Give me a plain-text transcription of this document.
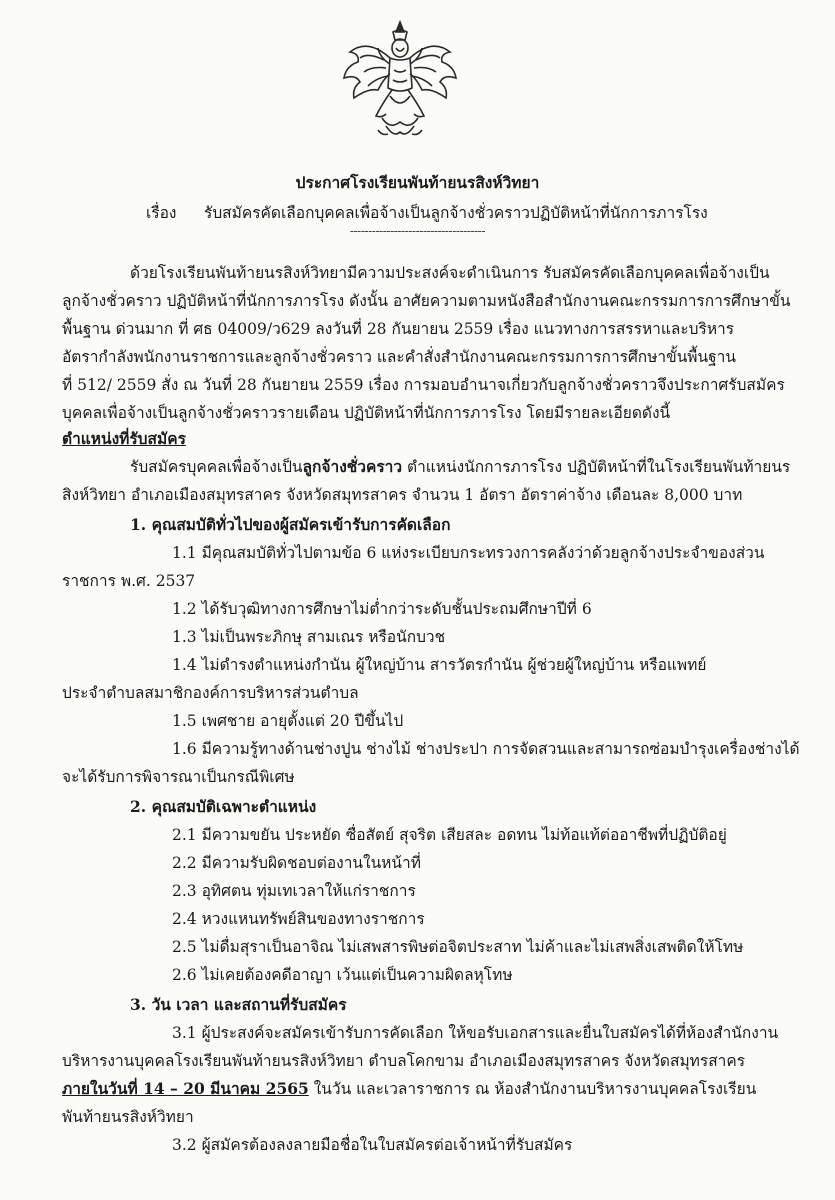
ประกาศโรงเรียนพันท้ายนรสิงห์วิทยา
เรื่อง รับสมัครคัดเลือกบุคคลเพื่อจ้างเป็นลูกจ้างชั่วคราวปฏิบัติหน้าที่นักการภารโรง
-------------------------------------
ด้วยโรงเรียนพันท้ายนรสิงห์วิทยามีความประสงค์จะดำเนินการ รับสมัครคัดเลือกบุคคลเพื่อจ้างเป็น
ลูกจ้างชั่วคราว ปฏิบัติหน้าที่นักการภารโรง ดังนั้น อาศัยความตามหนังสือสำนักงานคณะกรรมการการศึกษาขั้น
พื้นฐาน ด่วนมาก ที่ ศธ 04009/ว629 ลงวันที่ 28 กันยายน 2559 เรื่อง แนวทางการสรรหาและบริหาร
อัตรากำลังพนักงานราชการและลูกจ้างชั่วคราว และคำสั่งสำนักงานคณะกรรมการการศึกษาขั้นพื้นฐาน
ที่ 512/ 2559 สั่ง ณ วันที่ 28 กันยายน 2559 เรื่อง การมอบอำนาจเกี่ยวกับลูกจ้างชั่วคราวจึงประกาศรับสมัคร
บุคคลเพื่อจ้างเป็นลูกจ้างชั่วคราวรายเดือน ปฏิบัติหน้าที่นักการภารโรง โดยมีรายละเอียดดังนี้
ตำแหน่งที่รับสมัคร
รับสมัครบุคคลเพื่อจ้างเป็นลูกจ้างชั่วคราว ตำแหน่งนักการภารโรง ปฏิบัติหน้าที่ในโรงเรียนพันท้ายนร
สิงห์วิทยา อำเภอเมืองสมุทรสาคร จังหวัดสมุทรสาคร จำนวน 1 อัตรา อัตราค่าจ้าง เดือนละ 8,000 บาท
1. คุณสมบัติทั่วไปของผู้สมัครเข้ารับการคัดเลือก
1.1 มีคุณสมบัติทั่วไปตามข้อ 6 แห่งระเบียบกระทรวงการคลังว่าด้วยลูกจ้างประจำของส่วน
ราชการ พ.ศ. 2537
1.2 ได้รับวุฒิทางการศึกษาไม่ต่ำกว่าระดับชั้นประถมศึกษาปีที่ 6
1.3 ไม่เป็นพระภิกษุ สามเณร หรือนักบวช
1.4 ไม่ดำรงตำแหน่งกำนัน ผู้ใหญ่บ้าน สารวัตรกำนัน ผู้ช่วยผู้ใหญ่บ้าน หรือแพทย์
ประจำตำบลสมาชิกองค์การบริหารส่วนตำบล
1.5 เพศชาย อายุตั้งแต่ 20 ปีขึ้นไป
1.6 มีความรู้ทางด้านช่างปูน ช่างไม้ ช่างประปา การจัดสวนและสามารถซ่อมบำรุงเครื่องช่างได้
จะได้รับการพิจารณาเป็นกรณีพิเศษ
2. คุณสมบัติเฉพาะตำแหน่ง
2.1 มีความขยัน ประหยัด ซื่อสัตย์ สุจริต เสียสละ อดทน ไม่ท้อแท้ต่ออาชีพที่ปฏิบัติอยู่
2.2 มีความรับผิดชอบต่องานในหน้าที่
2.3 อุทิศตน ทุ่มเทเวลาให้แก่ราชการ
2.4 หวงแหนทรัพย์สินของทางราชการ
2.5 ไม่ดื่มสุราเป็นอาจิณ ไม่เสพสารพิษต่อจิตประสาท ไม่ค้าและไม่เสพสิ่งเสพติดให้โทษ
2.6 ไม่เคยต้องคดีอาญา เว้นแต่เป็นความผิดลหุโทษ
3. วัน เวลา และสถานที่รับสมัคร
3.1 ผู้ประสงค์จะสมัครเข้ารับการคัดเลือก ให้ขอรับเอกสารและยื่นใบสมัครได้ที่ห้องสำนักงาน
บริหารงานบุคคลโรงเรียนพันท้ายนรสิงห์วิทยา ตำบลโคกขาม อำเภอเมืองสมุทรสาคร จังหวัดสมุทรสาคร
ภายในวันที่ 14 – 20 มีนาคม 2565 ในวัน และเวลาราชการ ณ ห้องสำนักงานบริหารงานบุคคลโรงเรียน
พันท้ายนรสิงห์วิทยา
3.2 ผู้สมัครต้องลงลายมือชื่อในใบสมัครต่อเจ้าหน้าที่รับสมัคร
